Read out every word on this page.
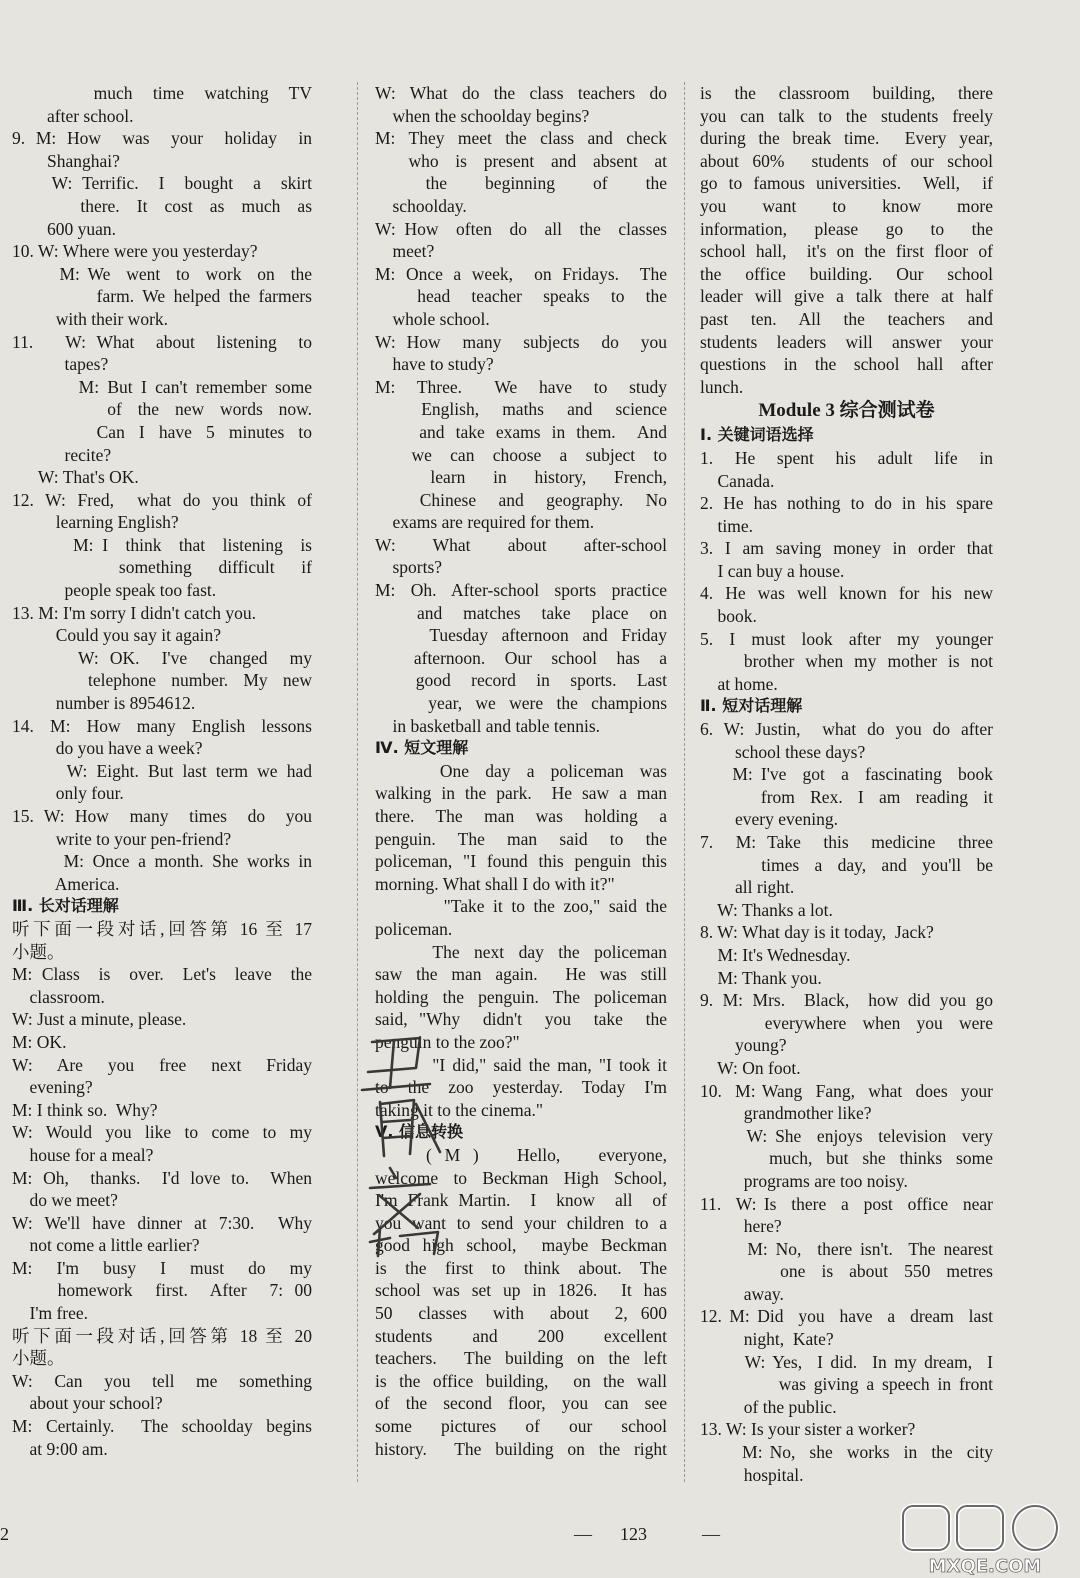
much  time  watching  TV
after school.
9. M: How  was  your  holiday  in
Shanghai?
W: Terrific.  I  bought  a  skirt
there.  It  cost  as  much  as
600 yuan.
10. W: Where were you yesterday?
M: We  went  to  work  on  the
farm. We helped the farmers
with their work.
11.   W: What  about  listening  to
tapes?
M: But I can't remember some
of  the  new  words  now.
Can  I  have  5  minutes  to
recite?
W: That's OK.
12. W: Fred,  what do you think of
learning English?
M: I  think  that  listening  is
something   difficult   if
people speak too fast.
13. M: I'm sorry I didn't catch you.
Could you say it again?
W: OK.  I've  changed  my
telephone  number.  My  new
number is 8954612.
14. M: How many English lessons
do you have a week?
W: Eight. But last term we had
only four.
15. W: How  many  times  do  you
write to your pen-friend?
M: Once a month. She works in
America.
Ⅲ. 长对话理解
听下面一段对话,回答第 16 至 17
小题。
M: Class  is  over.  Let's  leave  the
classroom.
W: Just a minute, please.
M: OK.
W:  Are  you  free  next  Friday
evening?
M: I think so.  Why?
W: Would you like to come to my
house for a meal?
M: Oh,  thanks.  I'd love to.  When
do we meet?
W: We'll have dinner at 7:30.  Why
not come a little earlier?
M:  I'm  busy  I  must  do  my
homework  first.  After  7: 00
I'm free.
听下面一段对话,回答第 18 至 20
小题。
W:  Can  you  tell  me  something
about your school?
M: Certainly.  The schoolday begins
at 9:00 am.
W: What do the class teachers do
when the schoolday begins?
M: They meet the class and check
who  is  present  and  absent  at
the   beginning   of   the
schoolday.
W: How  often  do  all  the  classes
meet?
M: Once a week,  on Fridays.  The
head  teacher  speaks  to  the
whole school.
W: How  many  subjects  do  you
have to study?
M:  Three.   We  have  to  study
English,  maths  and  science
and take exams in them.  And
we  can  choose  a  subject  to
learn  in  history,  French,
Chinese  and  geography.  No
exams are required for them.
W:  What  about  after-school
sports?
M: Oh. After-school sports practice
and  matches  take  place  on
Tuesday afternoon and Friday
afternoon.  Our  school  has  a
good  record  in  sports.  Last
year, we were the champions
in basketball and table tennis.
Ⅳ. 短文理解
One  day  a  policeman  was
walking in the park.  He saw a man
there.  The  man  was  holding  a
penguin.  The  man  said  to  the
policeman, "I found this penguin this
morning. What shall I do with it?"
"Take it to the zoo," said the
policeman.
The  next  day  the  policeman
saw the man again.  He was still
holding the penguin. The policeman
said, "Why  didn't  you  take  the
penguin to the zoo?"
"I did," said the man, "I took it
to  the  zoo  yesterday.  Today  I'm
taking it to the cinema."
Ⅴ. 信息转换
( M )   Hello,   everyone,
welcome to Beckman High School,
I'm Frank Martin.  I  know  all  of
you want to send your children to a
good high school,  maybe Beckman
is  the  first  to  think  about.  The
school was set up in 1826.  It has
50  classes  with  about  2, 600
students   and   200   excellent
teachers.  The building on the left
is the office building,  on the wall
of  the  second  floor,  you  can  see
some  pictures  of  our  school
history.  The building on the right
is  the  classroom  building,  there
you can talk to the students freely
during the break time.  Every year,
about 60%  students of our school
go to famous universities.  Well,  if
you   want   to   know   more
information,  please  go  to  the
school hall,  it's on the first floor of
the  office  building.  Our  school
leader will give a talk there at half
past  ten.  All  the  teachers  and
students  leaders  will  answer  your
questions  in  the  school  hall  after
lunch.
Module 3 综合测试卷
Ⅰ. 关键词语选择
1.  He  spent  his  adult  life  in
Canada.
2. He has nothing to do in his spare
time.
3. I am saving money in order that
I can buy a house.
4. He was well known for his new
book.
5.  I  must  look  after  my  younger
brother when my mother is not
at home.
Ⅱ. 短对话理解
6. W: Justin,  what do you do after
school these days?
M: I've  got  a  fascinating  book
from  Rex.  I  am  reading  it
every evening.
7.  M: Take  this  medicine  three
times  a  day,  and  you'll  be
all right.
W: Thanks a lot.
8. W: What day is it today,  Jack?
M: It's Wednesday.
M: Thank you.
9. M: Mrs.  Black,  how did you go
everywhere  when  you  were
young?
W: On foot.
10.  M: Wang  Fang,  what  does  your
grandmother like?
W: She  enjoys  television  very
much,  but  she  thinks  some
programs are too noisy.
11.  W: Is  there  a  post  office  near
here?
M: No,  there isn't.  The nearest
one  is  about  550  metres
away.
12. M: Did  you  have  a  dream  last
night,  Kate?
W: Yes,  I did.  In my dream,  I
was giving a speech in front
of the public.
13. W: Is your sister a worker?
M: No,  she  works  in  the  city
hospital.
2	— 123	—
MXQE.COM
